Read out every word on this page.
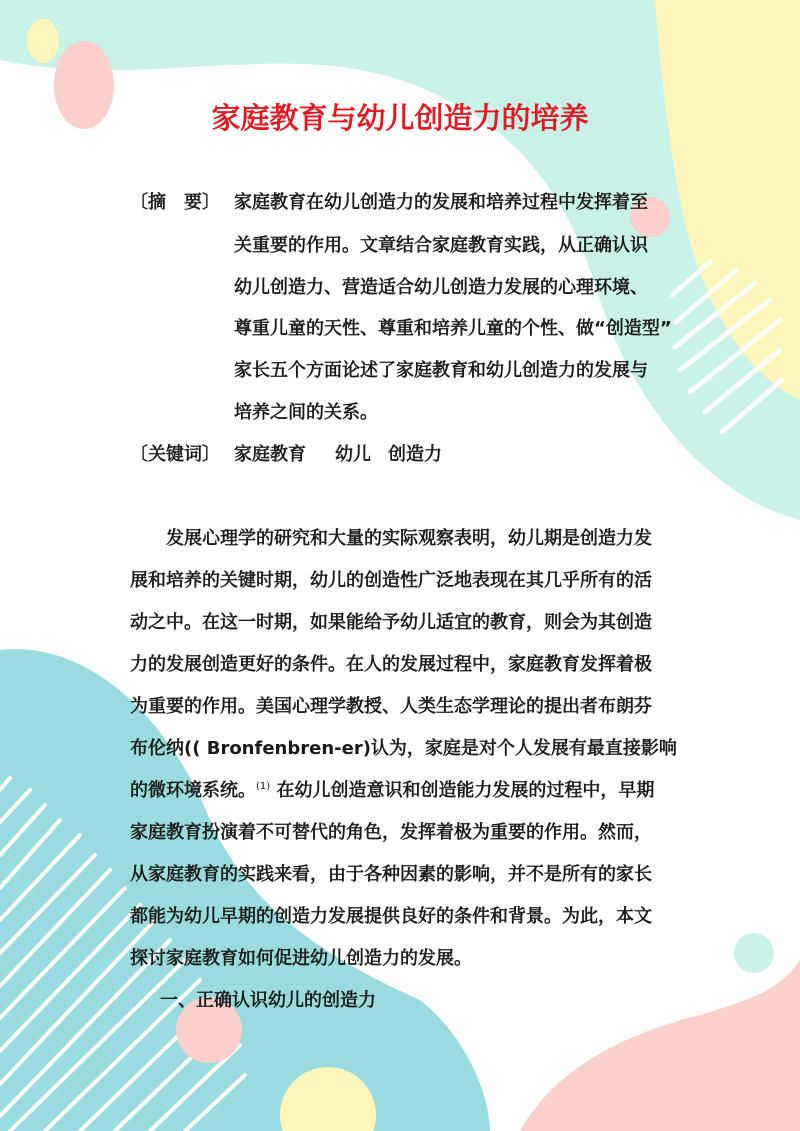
家庭教育与幼儿创造力的培养
〔摘　要〕 家庭教育在幼儿创造力的发展和培养过程中发挥着至
关重要的作用。文章结合家庭教育实践，从正确认识
幼儿创造力、营造适合幼儿创造力发展的心理环境、
尊重儿童的天性、尊重和培养儿童的个性、做“创造型”
家长五个方面论述了家庭教育和幼儿创造力的发展与
培养之间的关系。
〔关键词〕 家庭教育 幼儿 创造力
　　发展心理学的研究和大量的实际观察表明，幼儿期是创造力发
展和培养的关键时期，幼儿的创造性广泛地表现在其几乎所有的活
动之中。在这一时期，如果能给予幼儿适宜的教育，则会为其创造
力的发展创造更好的条件。在人的发展过程中，家庭教育发挥着极
为重要的作用。美国心理学教授、人类生态学理论的提出者布朗芬
布伦纳(( Bronfenbren-er)认为，家庭是对个人发展有最直接影响
的微环境系统。$^{(1)}$ 在幼儿创造意识和创造能力发展的过程中，早期
家庭教育扮演着不可替代的角色，发挥着极为重要的作用。然而，
从家庭教育的实践来看，由于各种因素的影响，并不是所有的家长
都能为幼儿早期的创造力发展提供良好的条件和背景。为此，本文
探讨家庭教育如何促进幼儿创造力的发展。
一、正确认识幼儿的创造力
